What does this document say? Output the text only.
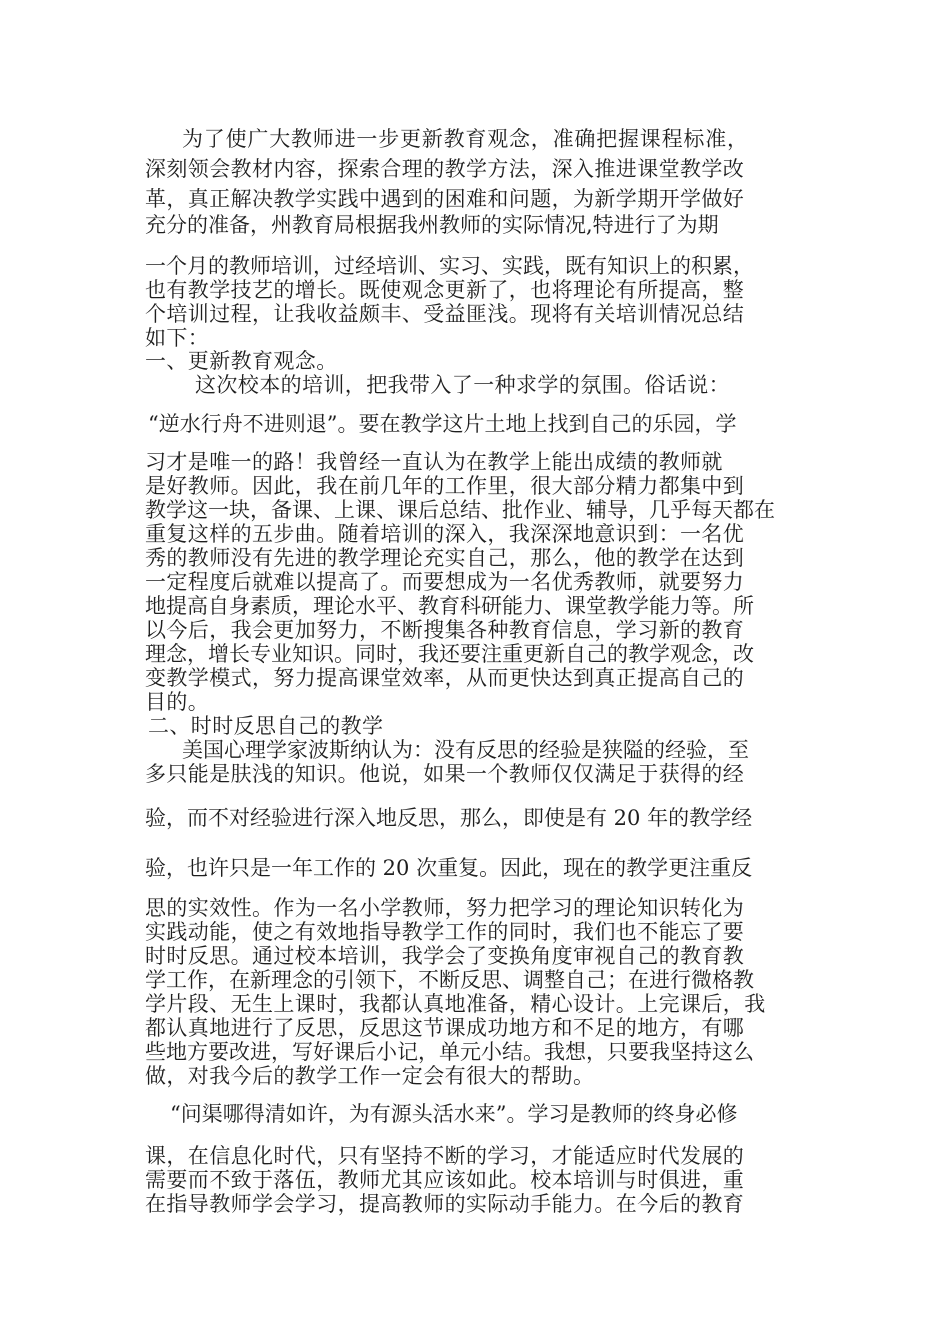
为了使广大教师进一步更新教育观念，准确把握课程标准，
深刻领会教材内容，探索合理的教学方法，深入推进课堂教学改
革，真正解决教学实践中遇到的困难和问题，为新学期开学做好
充分的准备，州教育局根据我州教师的实际情况,特进行了为期
一个月的教师培训，过经培训、实习、实践，既有知识上的积累，
也有教学技艺的增长。既使观念更新了，也将理论有所提高，整
个培训过程，让我收益颇丰、受益匪浅。现将有关培训情况总结
如下：
一、更新教育观念。
这次校本的培训，把我带入了一种求学的氛围。俗话说：
“逆水行舟不进则退”。要在教学这片土地上找到自己的乐园，学
习才是唯一的路！我曾经一直认为在教学上能出成绩的教师就
是好教师。因此，我在前几年的工作里，很大部分精力都集中到
教学这一块，备课、上课、课后总结、批作业、辅导，几乎每天都在
重复这样的五步曲。随着培训的深入，我深深地意识到：一名优
秀的教师没有先进的教学理论充实自己，那么，他的教学在达到
一定程度后就难以提高了。而要想成为一名优秀教师，就要努力
地提高自身素质，理论水平、教育科研能力、课堂教学能力等。所
以今后，我会更加努力，不断搜集各种教育信息，学习新的教育
理念，增长专业知识。同时，我还要注重更新自己的教学观念，改
变教学模式，努力提高课堂效率，从而更快达到真正提高自己的
目的。
二、时时反思自己的教学
美国心理学家波斯纳认为：没有反思的经验是狭隘的经验，至
多只能是肤浅的知识。他说，如果一个教师仅仅满足于获得的经
验，而不对经验进行深入地反思，那么，即使是有 20 年的教学经
验，也许只是一年工作的 20 次重复。因此，现在的教学更注重反
思的实效性。作为一名小学教师，努力把学习的理论知识转化为
实践动能，使之有效地指导教学工作的同时，我们也不能忘了要
时时反思。通过校本培训，我学会了变换角度审视自己的教育教
学工作，在新理念的引领下，不断反思、调整自己；在进行微格教
学片段、无生上课时，我都认真地准备，精心设计。上完课后，我
都认真地进行了反思，反思这节课成功地方和不足的地方，有哪
些地方要改进，写好课后小记，单元小结。我想，只要我坚持这么
做，对我今后的教学工作一定会有很大的帮助。
“问渠哪得清如许，为有源头活水来”。学习是教师的终身必修
课，在信息化时代，只有坚持不断的学习，才能适应时代发展的
需要而不致于落伍，教师尤其应该如此。校本培训与时俱进，重
在指导教师学会学习，提高教师的实际动手能力。在今后的教育
